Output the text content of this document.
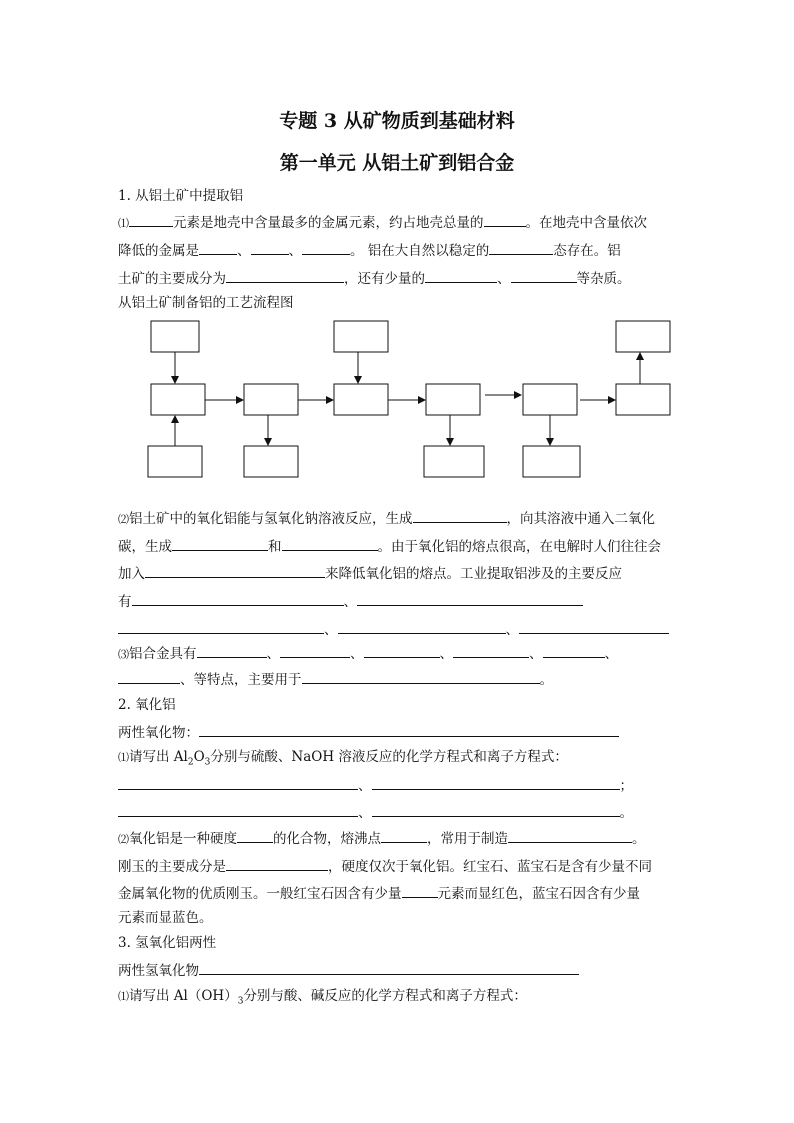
专题 3 从矿物质到基础材料
第一单元 从铝土矿到铝合金
1. 从铝土矿中提取铝
⑴	元素是地壳中含量最多的金属元素，约占地壳总量的	。在地壳中含量依次
降低的金属是	、	、	。 铝在大自然以稳定的	态存在。铝
土矿的主要成分为	，还有少量的	、	等杂质。
从铝土矿制备铝的工艺流程图
⑵铝土矿中的氧化铝能与氢氧化钠溶液反应，生成	，向其溶液中通入二氧化
碳，生成	和	。由于氧化铝的熔点很高，在电解时人们往往会
加入	来降低氧化铝的熔点。工业提取铝涉及的主要反应
有	、
、	、
⑶铝合金具有	、	、	、	、	、
、等特点，主要用于	。
2. 氧化铝
两性氧化物：
⑴请写出 $Al_2O_3$分别与硫酸、NaOH 溶液反应的化学方程式和离子方程式：
、	；
、	。
⑵氧化铝是一种硬度	的化合物，熔沸点	，常用于制造	。
刚玉的主要成分是	，硬度仅次于氧化铝。红宝石、蓝宝石是含有少量不同
金属氧化物的优质刚玉。一般红宝石因含有少量	元素而显红色，蓝宝石因含有少量
元素而显蓝色。
3. 氢氧化铝两性
两性氢氧化物
⑴请写出 $Al(OH)_3$分别与酸、碱反应的化学方程式和离子方程式：
